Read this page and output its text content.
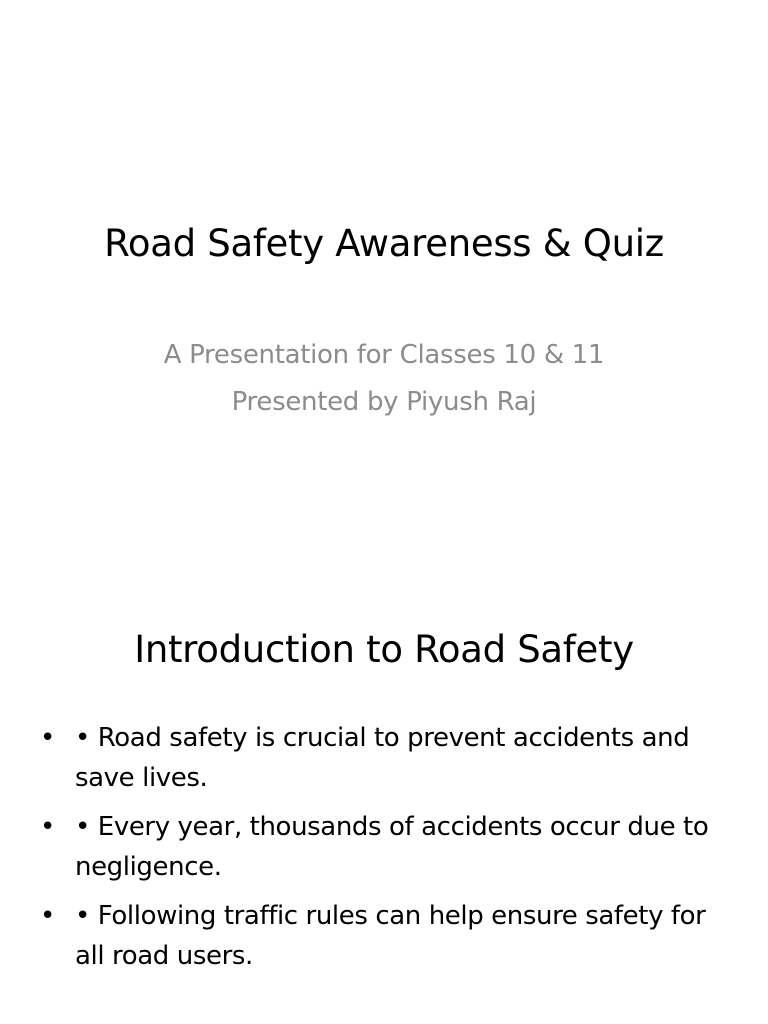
Road Safety Awareness & Quiz
A Presentation for Classes 10 & 11
Presented by Piyush Raj
Introduction to Road Safety
• • Road safety is crucial to prevent accidents and save lives.
• • Every year, thousands of accidents occur due to negligence.
• • Following traffic rules can help ensure safety for all road users.
